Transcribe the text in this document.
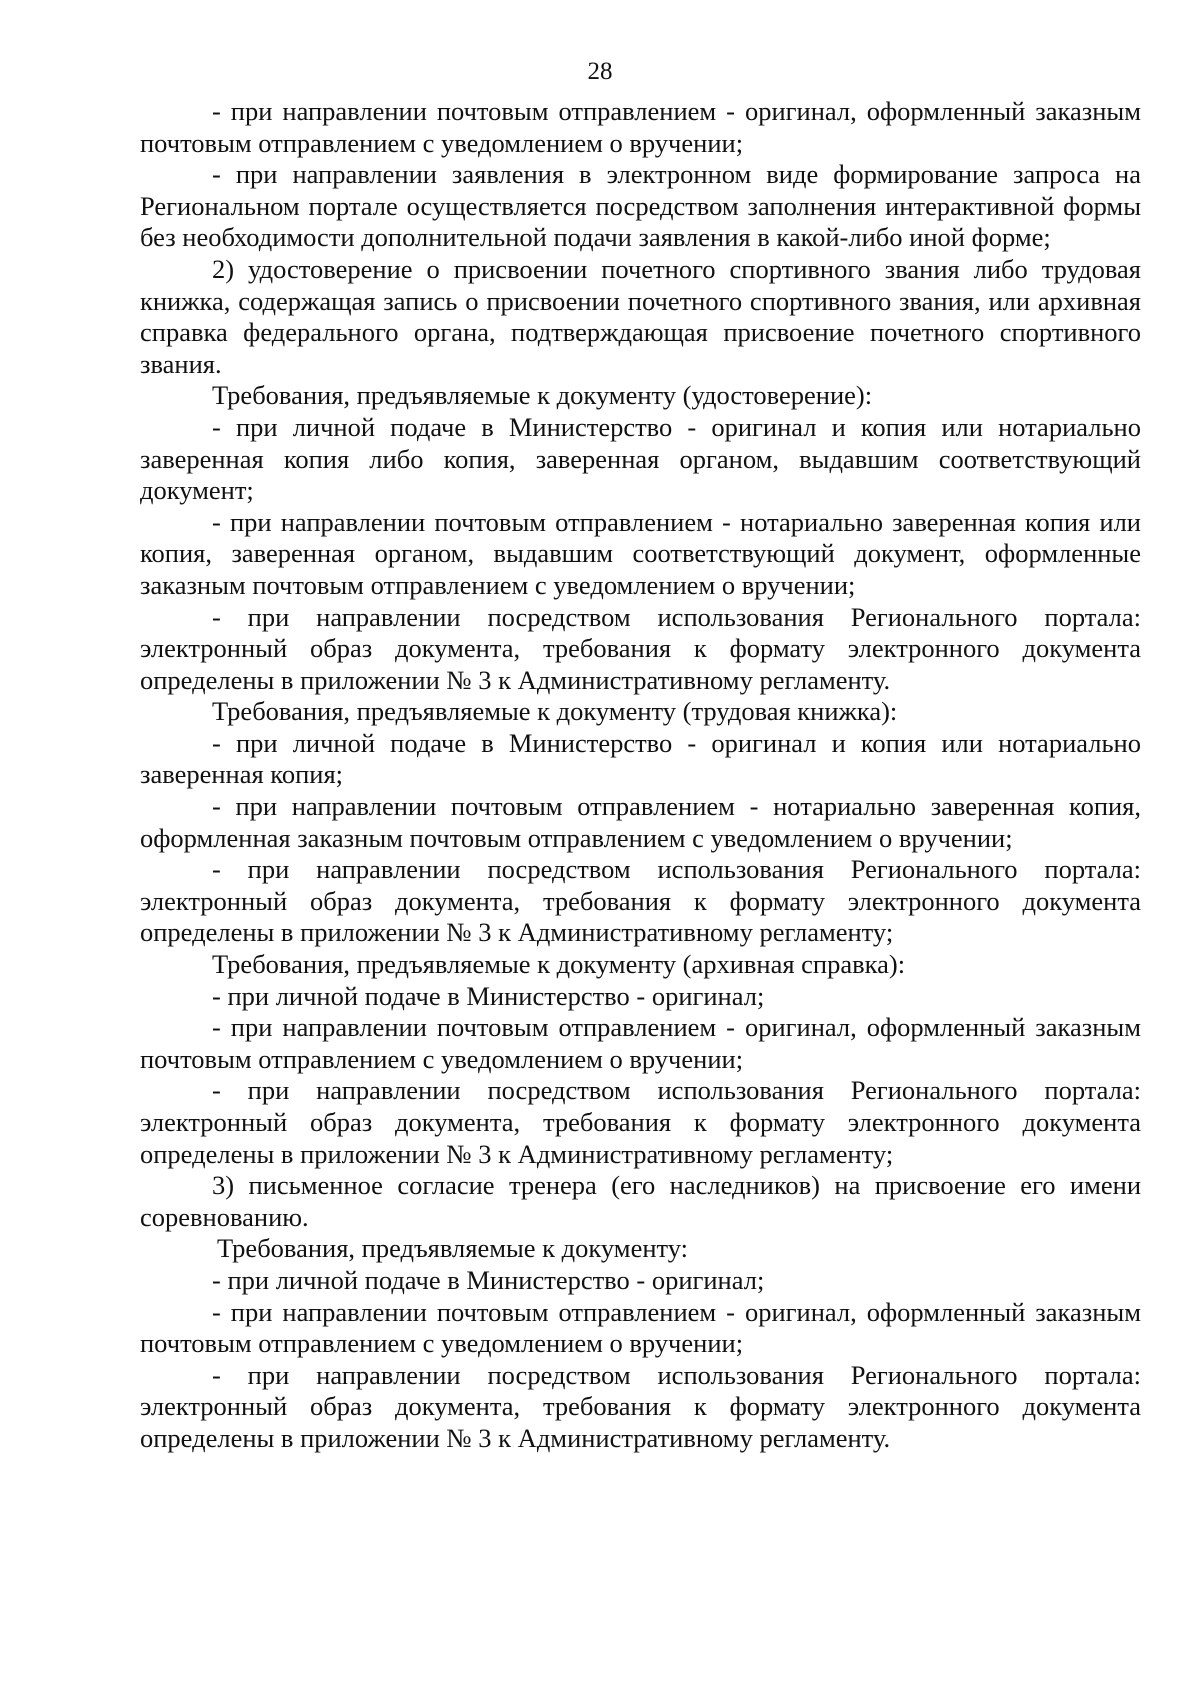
28

- при направлении почтовым отправлением - оригинал, оформленный заказным почтовым отправлением с уведомлением о вручении;

- при направлении заявления в электронном виде формирование запроса на Региональном портале осуществляется посредством заполнения интерактивной формы без необходимости дополнительной подачи заявления в какой-либо иной форме;

2) удостоверение о присвоении почетного спортивного звания либо трудовая книжка, содержащая запись о присвоении почетного спортивного звания, или архивная справка федерального органа, подтверждающая присвоение почетного спортивного звания.

Требования, предъявляемые к документу (удостоверение):

- при личной подаче в Министерство - оригинал и копия или нотариально заверенная копия либо копия, заверенная органом, выдавшим соответствующий документ;

- при направлении почтовым отправлением - нотариально заверенная копия или копия, заверенная органом, выдавшим соответствующий документ, оформленные заказным почтовым отправлением с уведомлением о вручении;

- при направлении посредством использования Регионального портала: электронный образ документа, требования к формату электронного документа определены в приложении № 3 к Административному регламенту.

Требования, предъявляемые к документу (трудовая книжка):

- при личной подаче в Министерство - оригинал и копия или нотариально заверенная копия;

- при направлении почтовым отправлением - нотариально заверенная копия, оформленная заказным почтовым отправлением с уведомлением о вручении;

- при направлении посредством использования Регионального портала: электронный образ документа, требования к формату электронного документа определены в приложении № 3 к Административному регламенту;

Требования, предъявляемые к документу (архивная справка):

- при личной подаче в Министерство - оригинал;

- при направлении почтовым отправлением - оригинал, оформленный заказным почтовым отправлением с уведомлением о вручении;

- при направлении посредством использования Регионального портала: электронный образ документа, требования к формату электронного документа определены в приложении № 3 к Административному регламенту;

3) письменное согласие тренера (его наследников) на присвоение его имени соревнованию.

Требования, предъявляемые к документу:

- при личной подаче в Министерство - оригинал;

- при направлении почтовым отправлением - оригинал, оформленный заказным почтовым отправлением с уведомлением о вручении;

- при направлении посредством использования Регионального портала: электронный образ документа, требования к формату электронного документа определены в приложении № 3 к Административному регламенту.
